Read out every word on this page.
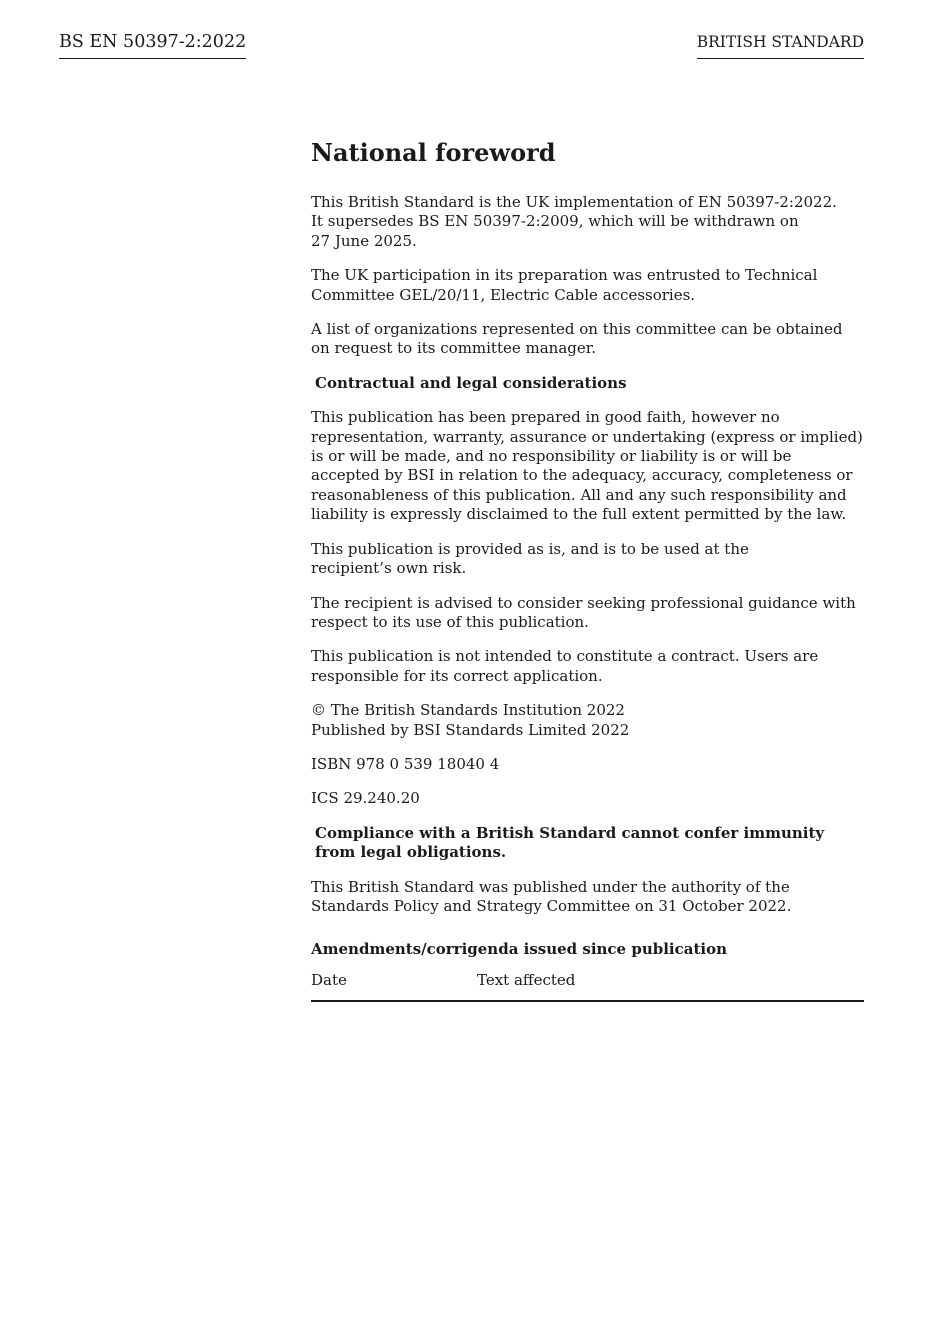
BS EN 50397-2:2022	BRITISH STANDARD
National foreword

This British Standard is the UK implementation of EN 50397-2:2022.
It supersedes BS EN 50397-2:2009, which will be withdrawn on
27 June 2025.

The UK participation in its preparation was entrusted to Technical Committee GEL/20/11, Electric Cable accessories.

A list of organizations represented on this committee can be obtained on request to its committee manager.

Contractual and legal considerations

This publication has been prepared in good faith, however no representation, warranty, assurance or undertaking (express or implied) is or will be made, and no responsibility or liability is or will be accepted by BSI in relation to the adequacy, accuracy, completeness or reasonableness of this publication. All and any such responsibility and liability is expressly disclaimed to the full extent permitted by the law.

This publication is provided as is, and is to be used at the
recipient’s own risk.

The recipient is advised to consider seeking professional guidance with respect to its use of this publication.

This publication is not intended to constitute a contract. Users are responsible for its correct application.

© The British Standards Institution 2022
Published by BSI Standards Limited 2022

ISBN 978 0 539 18040 4

ICS 29.240.20

Compliance with a British Standard cannot confer immunity from legal obligations.

This British Standard was published under the authority of the Standards Policy and Strategy Committee on 31 October 2022.

Amendments/corrigenda issued since publication
Date	Text affected
